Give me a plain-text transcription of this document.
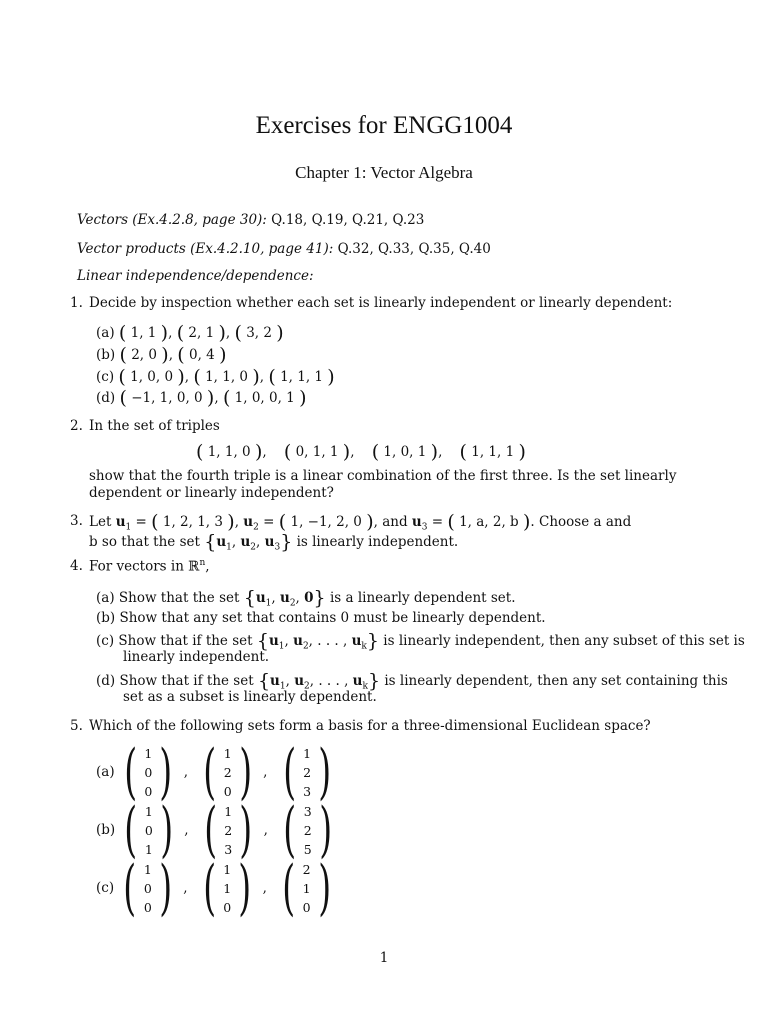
Exercises for ENGG1004
Chapter 1: Vector Algebra
Vectors (Ex.4.2.8, page 30): Q.18, Q.19, Q.21, Q.23
Vector products (Ex.4.2.10, page 41): Q.32, Q.33, Q.35, Q.40
Linear independence/dependence:
1. Decide by inspection whether each set is linearly independent or linearly dependent:
(a) ( 1, 1 ), ( 2, 1 ), ( 3, 2 )
(b) ( 2, 0 ), ( 0, 4 )
(c) ( 1, 0, 0 ), ( 1, 1, 0 ), ( 1, 1, 1 )
(d) ( −1, 1, 0, 0 ), ( 1, 0, 0, 1 )
2. In the set of triples
( 1, 1, 0 ),    ( 0, 1, 1 ),    ( 1, 0, 1 ),    ( 1, 1, 1 )
show that the fourth triple is a linear combination of the first three. Is the set linearly dependent or linearly independent?
3. Let $u_1$ = ( 1, 2, 1, 3 ), $u_2$ = ( 1, −1, 2, 0 ), and $u_3$ = ( 1, a, 2, b ). Choose a and
b so that the set {$u_1$, $u_2$, $u_3$} is linearly independent.
4. For vectors in ℝ$^n$,
(a) Show that the set {$u_1$, $u_2$, 0} is a linearly dependent set.
(b) Show that any set that contains 0 must be linearly dependent.
(c) Show that if the set {$u_1$, $u_2$, . . . , $u_k$} is linearly independent, then any subset of this set is
linearly independent.
(d) Show that if the set {$u_1$, $u_2$, . . . , $u_k$} is linearly dependent, then any set containing this
set as a subset is linearly dependent.
5. Which of the following sets form a basis for a three-dimensional Euclidean space?
(a) ( 1
0
0 ) , ( 1
2
0 ) , ( 1
2
3 )
(b) ( 1
0
1 ) , ( 1
2
3 ) , ( 3
2
5 )
(c) ( 1
0
0 ) , ( 1
1
0 ) , ( 2
1
0 )
1
